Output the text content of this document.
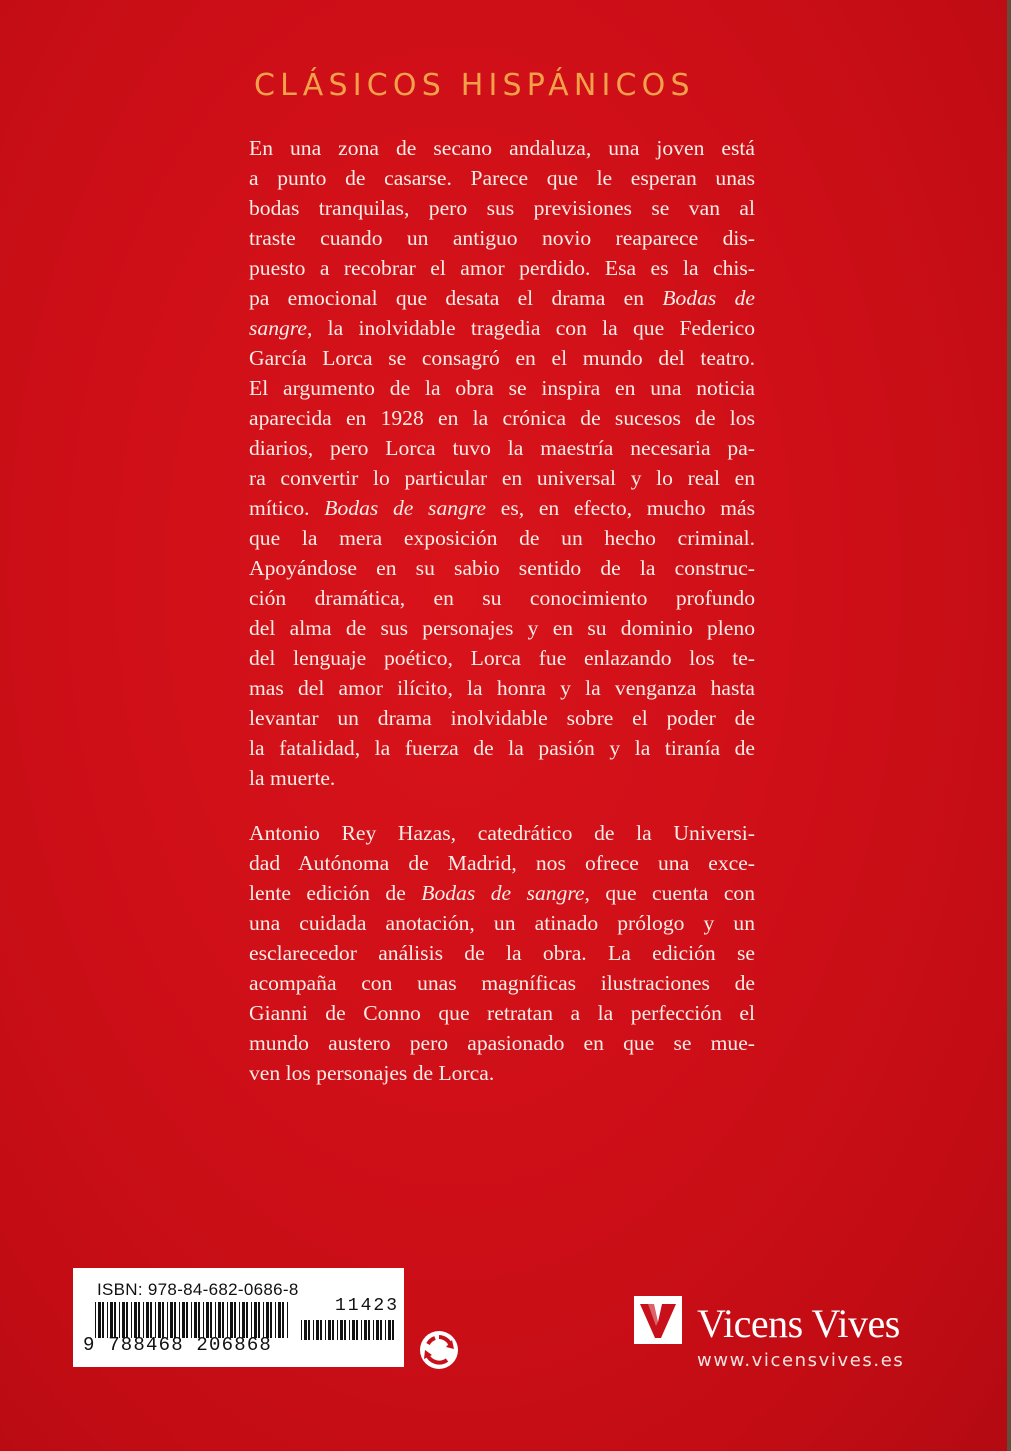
CLÁSICOS HISPÁNICOS
En una zona de secano andaluza, una joven está
a punto de casarse. Parece que le esperan unas
bodas tranquilas, pero sus previsiones se van al
traste cuando un antiguo novio reaparece dis-
puesto a recobrar el amor perdido. Esa es la chis-
pa emocional que desata el drama en Bodas de
sangre, la inolvidable tragedia con la que Federico
García Lorca se consagró en el mundo del teatro.
El argumento de la obra se inspira en una noticia
aparecida en 1928 en la crónica de sucesos de los
diarios, pero Lorca tuvo la maestría necesaria pa-
ra convertir lo particular en universal y lo real en
mítico. Bodas de sangre es, en efecto, mucho más
que la mera exposición de un hecho criminal.
Apoyándose en su sabio sentido de la construc-
ción dramática, en su conocimiento profundo
del alma de sus personajes y en su dominio pleno
del lenguaje poético, Lorca fue enlazando los te-
mas del amor ilícito, la honra y la venganza hasta
levantar un drama inolvidable sobre el poder de
la fatalidad, la fuerza de la pasión y la tiranía de
la muerte.
Antonio Rey Hazas, catedrático de la Universi-
dad Autónoma de Madrid, nos ofrece una exce-
lente edición de Bodas de sangre, que cuenta con
una cuidada anotación, un atinado prólogo y un
esclarecedor análisis de la obra. La edición se
acompaña con unas magníficas ilustraciones de
Gianni de Conno que retratan a la perfección el
mundo austero pero apasionado en que se mue-
ven los personajes de Lorca.
ISBN: 978-84-682-0686-8
11423
9 788468 206868	Vicens Vives
www.vicensvives.es
